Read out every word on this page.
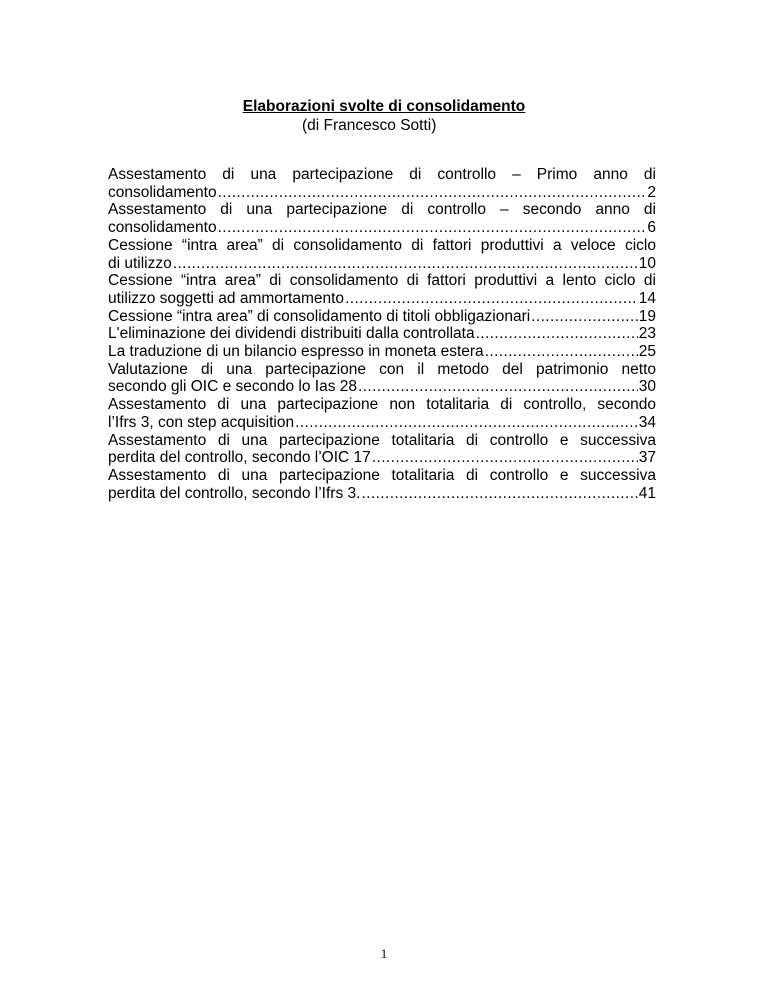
Elaborazioni svolte di consolidamento
(di Francesco Sotti)
Assestamento di una partecipazione di controllo – Primo anno di
consolidamento .....	2
Assestamento di una partecipazione di controllo – secondo anno di
consolidamento .....	6
Cessione “intra area” di consolidamento di fattori produttivi a veloce ciclo
di utilizzo .....	10
Cessione “intra area” di consolidamento di fattori produttivi a lento ciclo di
utilizzo soggetti ad ammortamento .....	14
Cessione “intra area” di consolidamento di titoli obbligazionari .....	19
L'eliminazione dei dividendi distribuiti dalla controllata .....	23
La traduzione di un bilancio espresso in moneta estera .....	25
Valutazione di una partecipazione con il metodo del patrimonio netto
secondo gli OIC e secondo lo Ias 28 .....	30
Assestamento di una partecipazione non totalitaria di controllo, secondo
l’Ifrs 3, con step acquisition .....	34
Assestamento di una partecipazione totalitaria di controllo e successiva
perdita del controllo, secondo l’OIC 17 .....	37
Assestamento di una partecipazione totalitaria di controllo e successiva
perdita del controllo, secondo l’Ifrs 3. .....	41
1
